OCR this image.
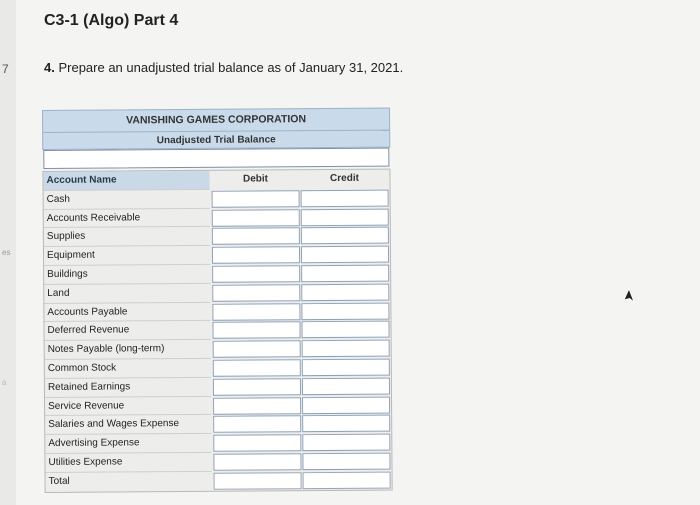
7
es
a
C3-1 (Algo) Part 4
4. Prepare an unadjusted trial balance as of January 31, 2021.
VANISHING GAMES CORPORATION
Unadjusted Trial Balance
Account Name	Debit	Credit
Cash
Accounts Receivable
Supplies
Equipment
Buildings
Land
Accounts Payable
Deferred Revenue
Notes Payable (long-term)
Common Stock
Retained Earnings
Service Revenue
Salaries and Wages Expense
Advertising Expense
Utilities Expense
Total
